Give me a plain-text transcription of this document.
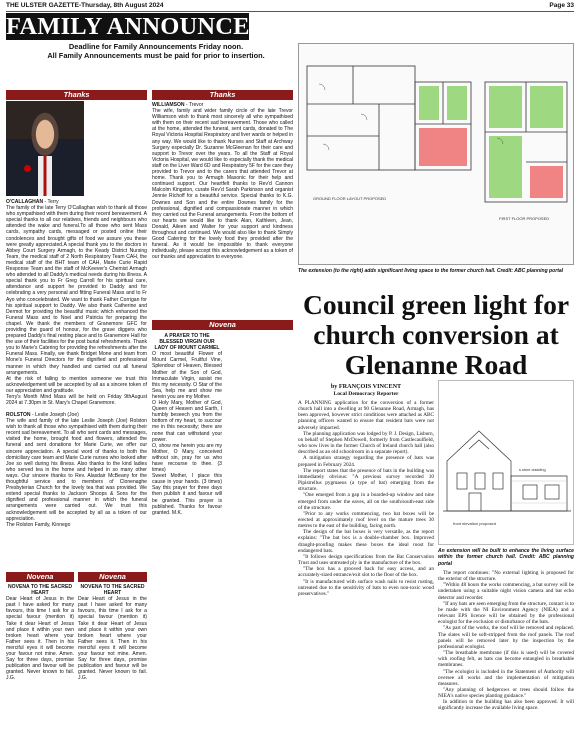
THE ULSTER GAZETTE-Thursday, 8th August 2024	Page 33
FAMILY ANNOUNCEMENTS
Deadline for Family Announcements Friday noon.
All Family Announcements must be paid for prior to insertion.
Thanks

O'CALLAGHAN - Terry

The family of the late Terry O'Callaghan wish to thank all those who sympathised with them during their recent bereavement. A special thanks to all our relatives, friends and neighbours who attended the wake and funeral.To all those who sent Mass cards, sympathy cards, messaged or posted online their condolences and brought gifts of food we assure you these were greatly appreciated.A special thank you to the doctors in Abbey Court Surgery Armagh, to the Keady District Nursing Team, the medical staff of 2 North Respiratory Team CAH, the medical staff of the BHT team of CAH, Marie Curie Rapid Response Team and the staff of McKeever's Chemist Armagh who attended to all Daddy's medical needs during his illness. A special thank you to Fr Greg Carroll for his spiritual care, attendance and support he provided to Daddy and for celebrating a very personal and fitting Funeral Mass and to Fr Ayo who concelebrated. We want to thank Father Corrigan for his spiritual support to Daddy. We also thank Catherine and Dermot for providing the beautiful music which enhanced the Funeral Mass and to Noel and Patricia for preparing the chapel. We thank the members of Granemore GFC for providing the guard of honour, for the grave diggers who prepared Daddy's final resting place and to Granemore Hall for the use of their facilities for the post burial refreshments. Thank you to Marie's Catering for providing the refreshments after the Funeral Mass. Finally, we thank Bridget Mone and team from Mone's Funeral Directors for the dignified and professional manner in which they handled and carried out all funeral arrangements.
At the risk of failing to mention someone we trust this acknowledgement will be accepted by all as a sincere token of our appreciation and gratitude.
Terry's Month Mind Mass will be held on Friday 9thAugust 2024 at 7.30pm in St. Mary's Chapel Granemore.

ROLSTON - Leslie Joseph (Joe)

The wife and family of the late Leslie Joseph (Joe) Rolston wish to thank all those who sympathised with them during their recent sad bereavement. To all who sent cards and messages, visited the home, brought food and flowers, attended the funeral and sent donations for Marie Curie, we offer our sincere appreciation. A special word of thanks to both the domiciliary care team and Marie Curie nurses who looked after Joe so well during his illness. Also thanks to the kind ladies who served tea in the home and helped in so many other ways. Our sincere thanks to Rev. Alasdair McBeany for the thoughtful service and to members of Clonenaghe Presbyterian Church for the lovely tea that was provided. We extend special thanks to Jackson Shoops & Sons for the dignified and professional manner in which the funeral arrangements were carried out. We trust this acknowledgement will be accepted by all as a token of our appreciation.
The Rolston Family, Kinnego

Novena	Novena

NOVENA TO THE SACRED HEART

Dear Heart of Jesus in the past I have asked for many favours, this time I ask for a special favour (mention it) Take it dear Heart of Jesus and place it within your own broken heart where your Father sees it. Then in his merciful eyes it will become your favour not mine. Amen. Say for three days, promise publication and favour will be granted. Never known to fail. J.G.

NOVENA TO THE SACRED HEART

Dear Heart of Jesus in the past I have asked for many favours, this time I ask for a special favour (mention it) Take it dear Heart of Jesus and place it within your own broken heart where your Father sees it. Then in his merciful eyes it will become your favour not mine. Amen. Say for three days, promise publication and favour will be granted. Never known to fail. J.G.

Thanks

WILLIAMSON - Trevor

The wife, family and wider family circle of the late Trevor Williamson wish to thank most sincerely all who sympathised with them on their recent sad bereavement. Those who called at the home, attended the funeral, sent cards, donated to The Royal Victoria Hospital Respiratory and liver wards or helped in any way. We would like to thank Nurses and Staff at Archway Surgery especially Dr. Suzanne McGleenan for their care and support to Trevor over the years. To all the Staff at Royal Victoria Hospital, we would like to especially thank the medical staff on the Liver Ward 6D and Respiratory 5F for the care they provided to Trevor and to the carers that attended Trevor at home. Thank you to Armagh Masonic for their help and continued support. Our heartfelt thanks to Rev'd Cannon Malcolm Kingston, curate Rev'd Sarah Parkinson and organist Jennie Richoff for a beautiful service. Special thanks to K.G. Downes and Son and the entire Downes family for the professional, dignified and compassionate manner in which they carried out the Funeral arrangements. From the bottom of our hearts we would like to thank Alan, Kathleen, Jean, Donald, Aileen and Walter for your support and kindness throughout and continued. We would also like to thank Simply Good Catering for the lovely food they provided after the funeral. As it would be impossible to thank everyone individually, please accept this acknowledgement as a token of our thanks and appreciation to everyone.

Novena

A PRAYER TO THE BLESSED VIRGIN OUR LADY OF MOUNT CARMEL

O most beautiful Flower of Mount Carmel, Fruitful Vine, Splendour of Heaven, Blessed Mother of the Son of God, Immaculate Virgin, assist me this my necessity. O Star of the Sea, help me and show me herein you are my Mother.
O Holy Mary, Mother of God, Queen of Heaven and Earth, I humbly beseech you from the bottom of my heart, to succour me in this necessity; there are none that can withstand your power.
O, show me herein you are my Mother, O Mary, conceived without sin, pray for us who have recourse to thee. (3 times)
Sweet Mother, I place this cause in your hands. (3 times) Say this prayer for three days then publish it and favour will be granted. This prayer is published. Thanks for favour granted. M.K.

GROUND FLOOR LAYOUT PROPOSED
FIRST FLOOR PROPOSED
The extension (to the right) adds significant living space to the former church hall. Credit: ABC planning portal
Council green light for church conversion at Glenanne Road
by FRANÇOIS VINCENT
Local Democracy Reporter

A PLANNING application for the conversion of a former church hall into a dwelling at 90 Glenanne Road, Armagh, has been approved, however strict conditions were attached as ABC planning officers wanted to ensure that resident bats were not adversely impacted.

The planning application was lodged by P. J. Design, Lisburn, on behalf of Stephen McDowell, formerly from Castlecaulfield, who now lives in the former Church of Ireland church hall (also described as an old schoolroom in a separate report).

A mitigation strategy regarding the presence of bats was prepared in February 2024.

The report states that the presence of bats in the building was immediately obvious: "A previous survey recorded 10 Pipistrellus pygmaeus (a type of bat) emerging from the structure.

"One emerged from a gap in a boarded-up window and nine emerged from under the eaves, all on the south/south-east side of the structure.

"Prior to any works commencing, two bat boxes will be erected at approximately roof level on the mature trees 30 metres to the east of the building, facing north.

The design of the bat boxes is very versatile, as the report explains: "The bat box is a double-chamber box. Improved draught-proofing makes these boxes the ideal roost for endangered bats.

"It follows design specifications from the Bat Conservation Trust and uses untreated ply in the manufacture of the box.

"The box has a grooved back for easy access, and an accurately-sized entrance/exit slot to the floor of the box.

"It is manufactured with surface wash nails to resist rusting, untreated due to the sensitivity of bats to even non-toxic wood preservatives."

s.store cladding
front elevation proposed
An extension will be built to enhance the living surface within the former church hall. Credit: ABC planning portal

The report continues: "No external lighting is proposed for the exterior of the structure.

"Within 48 hours the works commencing, a bat survey will be undertaken using a suitable night vision camera and bat echo detector and recorder.

"If any bats are seen emerging from the structure, contact is to be made with the NI Environment Agency (NIEA) and a relevant EPS licence will be obtained by the professional ecologist for the exclusion or disturbance of the bats.

"As part of the works, the roof will be removed and replaced. The slates will be soft-stripped from the roof panels. The roof panels will be removed later by the inspection by the professional ecologist.

"The breathable membrane (if this is used) will be covered with roofing felt, as bats can become entangled in breathable membranes.

"The ecologist is included in the Statement of Authority will oversee all works and the implementation of mitigation measures.

"Any planning of hedgerows or trees should follow the NIEA's native species planting guidance."

In addition to the building has also been approved. It will significantly increase the available living space.
